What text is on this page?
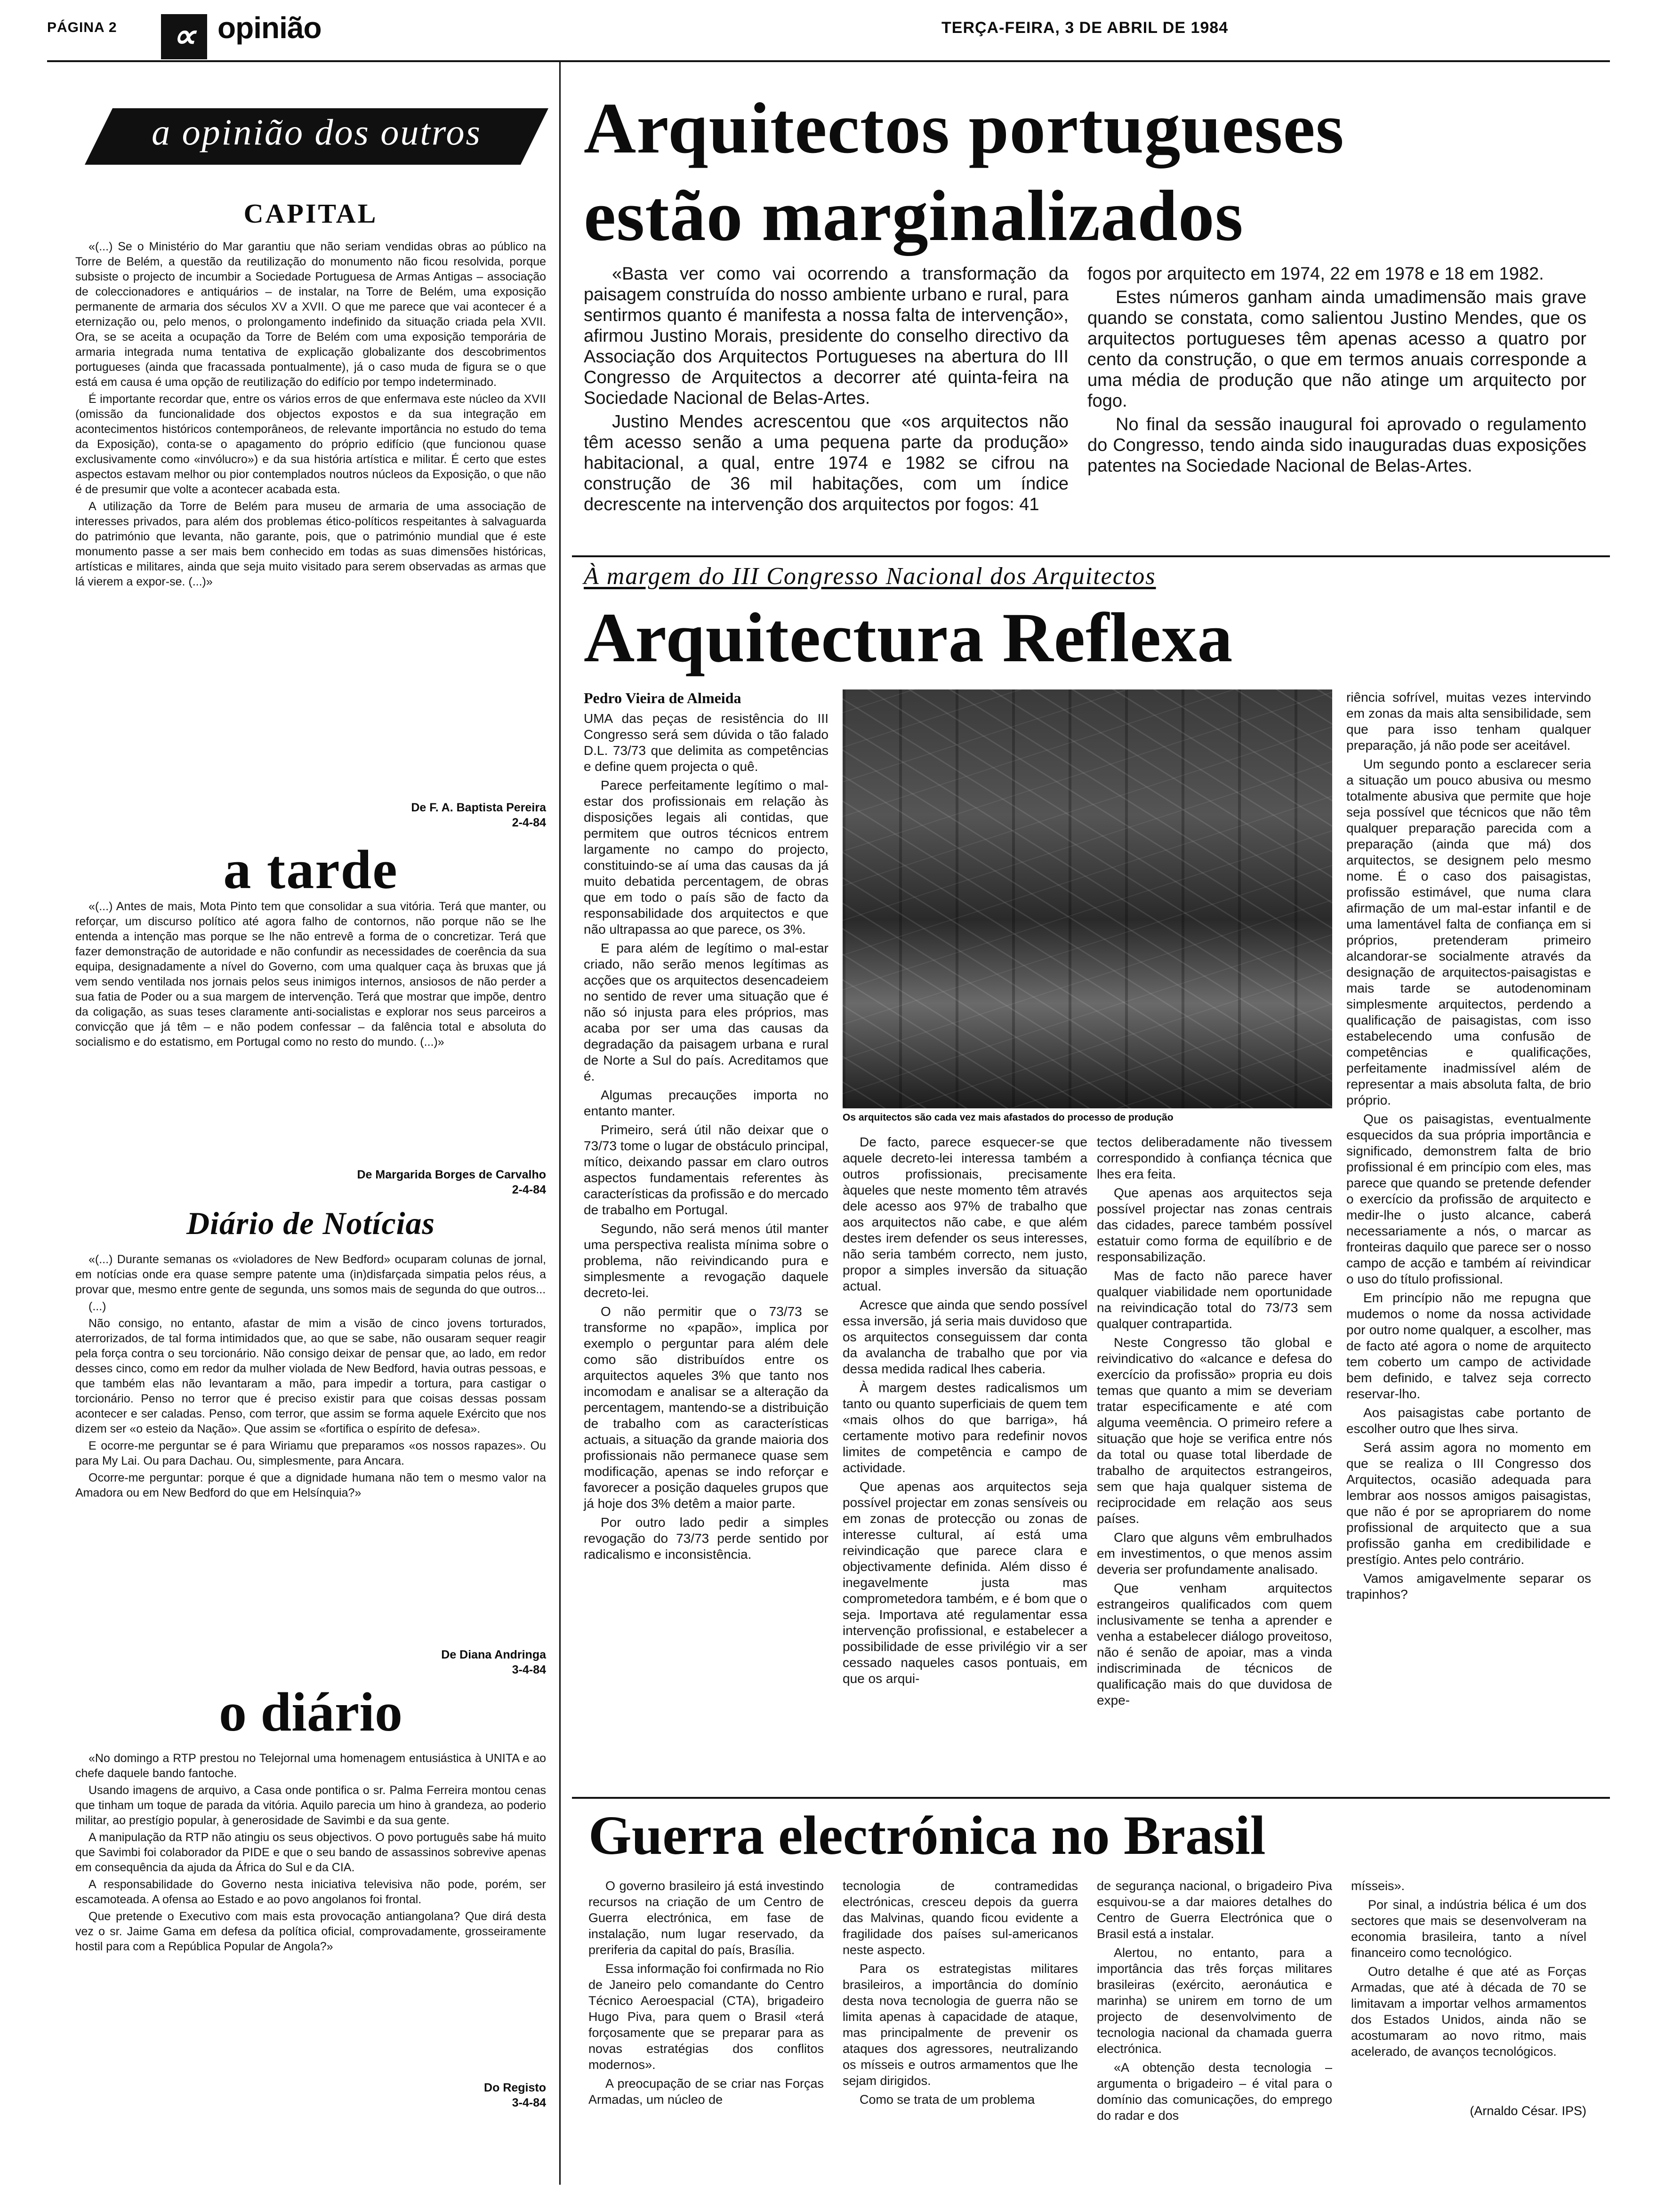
PÁGINA 2	∝ opinião	TERÇA-FEIRA, 3 DE ABRIL DE 1984
a opinião dos outros
CAPITAL

«(...) Se o Ministério do Mar garantiu que não seriam vendidas obras ao público na Torre de Belém, a questão da reutilização do monumento não ficou resolvida, porque subsiste o projecto de incumbir a Sociedade Portuguesa de Armas Antigas – associação de coleccionadores e antiquários – de instalar, na Torre de Belém, uma exposição permanente de armaria dos séculos XV a XVII. O que me parece que vai acontecer é a eternização ou, pelo menos, o prolongamento indefinido da situação criada pela XVII. Ora, se se aceita a ocupação da Torre de Belém com uma exposição temporária de armaria integrada numa tentativa de explicação globalizante dos descobrimentos portugueses (ainda que fracassada pontualmente), já o caso muda de figura se o que está em causa é uma opção de reutilização do edifício por tempo indeterminado.

É importante recordar que, entre os vários erros de que enfermava este núcleo da XVII (omissão da funcionalidade dos objectos expostos e da sua integração em acontecimentos históricos contemporâneos, de relevante importância no estudo do tema da Exposição), conta-se o apagamento do próprio edifício (que funcionou quase exclusivamente como «invólucro») e da sua história artística e militar. É certo que estes aspectos estavam melhor ou pior contemplados noutros núcleos da Exposição, o que não é de presumir que volte a acontecer acabada esta.

A utilização da Torre de Belém para museu de armaria de uma associação de interesses privados, para além dos problemas ético-políticos respeitantes à salvaguarda do património que levanta, não garante, pois, que o património mundial que é este monumento passe a ser mais bem conhecido em todas as suas dimensões históricas, artísticas e militares, ainda que seja muito visitado para serem observadas as armas que lá vierem a expor-se. (...)»

De F. A. Baptista Pereira
2-4-84
a tarde

«(...) Antes de mais, Mota Pinto tem que consolidar a sua vitória. Terá que manter, ou reforçar, um discurso político até agora falho de contornos, não porque não se lhe entenda a intenção mas porque se lhe não entrevê a forma de o concretizar. Terá que fazer demonstração de autoridade e não confundir as necessidades de coerência da sua equipa, designadamente a nível do Governo, com uma qualquer caça às bruxas que já vem sendo ventilada nos jornais pelos seus inimigos internos, ansiosos de não perder a sua fatia de Poder ou a sua margem de intervenção. Terá que mostrar que impõe, dentro da coligação, as suas teses claramente anti-socialistas e explorar nos seus parceiros a convicção que já têm – e não podem confessar – da falência total e absoluta do socialismo e do estatismo, em Portugal como no resto do mundo. (...)»

De Margarida Borges de Carvalho
2-4-84
Diário de Notícias

«(...) Durante semanas os «violadores de New Bedford» ocuparam colunas de jornal, em notícias onde era quase sempre patente uma (in)disfarçada simpatia pelos réus, a provar que, mesmo entre gente de segunda, uns somos mais de segunda do que outros...

(...)

Não consigo, no entanto, afastar de mim a visão de cinco jovens torturados, aterrorizados, de tal forma intimidados que, ao que se sabe, não ousaram sequer reagir pela força contra o seu torcionário. Não consigo deixar de pensar que, ao lado, em redor desses cinco, como em redor da mulher violada de New Bedford, havia outras pessoas, e que também elas não levantaram a mão, para impedir a tortura, para castigar o torcionário. Penso no terror que é preciso existir para que coisas dessas possam acontecer e ser caladas. Penso, com terror, que assim se forma aquele Exército que nos dizem ser «o esteio da Nação». Que assim se «fortifica o espírito de defesa».

E ocorre-me perguntar se é para Wiriamu que preparamos «os nossos rapazes». Ou para My Lai. Ou para Dachau. Ou, simplesmente, para Ancara.

Ocorre-me perguntar: porque é que a dignidade humana não tem o mesmo valor na Amadora ou em New Bedford do que em Helsínquia?»

De Diana Andringa
3-4-84
o diário

«No domingo a RTP prestou no Telejornal uma homenagem entusiástica à UNITA e ao chefe daquele bando fantoche.

Usando imagens de arquivo, a Casa onde pontifica o sr. Palma Ferreira montou cenas que tinham um toque de parada da vitória. Aquilo parecia um hino à grandeza, ao poderio militar, ao prestígio popular, à generosidade de Savimbi e da sua gente.

A manipulação da RTP não atingiu os seus objectivos. O povo português sabe há muito que Savimbi foi colaborador da PIDE e que o seu bando de assassinos sobrevive apenas em consequência da ajuda da África do Sul e da CIA.

A responsabilidade do Governo nesta iniciativa televisiva não pode, porém, ser escamoteada. A ofensa ao Estado e ao povo angolanos foi frontal.

Que pretende o Executivo com mais esta provocação antiangolana? Que dirá desta vez o sr. Jaime Gama em defesa da política oficial, comprovadamente, grosseiramente hostil para com a República Popular de Angola?»

Do Registo
3-4-84
Arquitectos portugueses
estão marginalizados

«Basta ver como vai ocorrendo a transformação da paisagem construída do nosso ambiente urbano e rural, para sentirmos quanto é manifesta a nossa falta de intervenção», afirmou Justino Morais, presidente do conselho directivo da Associação dos Arquitectos Portugueses na abertura do III Congresso de Arquitectos a decorrer até quinta-feira na Sociedade Nacional de Belas-Artes.

Justino Mendes acrescentou que «os arquitectos não têm acesso senão a uma pequena parte da produção» habitacional, a qual, entre 1974 e 1982 se cifrou na construção de 36 mil habitações, com um índice decrescente na intervenção dos arquitectos por fogos: 41

fogos por arquitecto em 1974, 22 em 1978 e 18 em 1982.

Estes números ganham ainda umadimensão mais grave quando se constata, como salientou Justino Mendes, que os arquitectos portugueses têm apenas acesso a quatro por cento da construção, o que em termos anuais corresponde a uma média de produção que não atinge um arquitecto por fogo.

No final da sessão inaugural foi aprovado o regulamento do Congresso, tendo ainda sido inauguradas duas exposições patentes na Sociedade Nacional de Belas-Artes.

À margem do III Congresso Nacional dos Arquitectos
Arquitectura Reflexa
Pedro Vieira de Almeida
Os arquitectos são cada vez mais afastados do processo de produção

UMA das peças de resistência do III Congresso será sem dúvida o tão falado D.L. 73/73 que delimita as competências e define quem projecta o quê.

Parece perfeitamente legítimo o mal-estar dos profissionais em relação às disposições legais ali contidas, que permitem que outros técnicos entrem largamente no campo do projecto, constituindo-se aí uma das causas da já muito debatida percentagem, de obras que em todo o país são de facto da responsabilidade dos arquitectos e que não ultrapassa ao que parece, os 3%.

E para além de legítimo o mal-estar criado, não serão menos legítimas as acções que os arquitectos desencadeiem no sentido de rever uma situação que é não só injusta para eles próprios, mas acaba por ser uma das causas da degradação da paisagem urbana e rural de Norte a Sul do país. Acreditamos que é.

Algumas precauções importa no entanto manter.

Primeiro, será útil não deixar que o 73/73 tome o lugar de obstáculo principal, mítico, deixando passar em claro outros aspectos fundamentais referentes às características da profissão e do mercado de trabalho em Portugal.

Segundo, não será menos útil manter uma perspectiva realista mínima sobre o problema, não reivindicando pura e simplesmente a revogação daquele decreto-lei.

O não permitir que o 73/73 se transforme no «papão», implica por exemplo o perguntar para além dele como são distribuídos entre os arquitectos aqueles 3% que tanto nos incomodam e analisar se a alteração da percentagem, mantendo-se a distribuição de trabalho com as características actuais, a situação da grande maioria dos profissionais não permanece quase sem modificação, apenas se indo reforçar e favorecer a posição daqueles grupos que já hoje dos 3% detêm a maior parte.

Por outro lado pedir a simples revogação do 73/73 perde sentido por radicalismo e inconsistência.

De facto, parece esquecer-se que aquele decreto-lei interessa também a outros profissionais, precisamente àqueles que neste momento têm através dele acesso aos 97% de trabalho que aos arquitectos não cabe, e que além destes irem defender os seus interesses, não seria também correcto, nem justo, propor a simples inversão da situação actual.

Acresce que ainda que sendo possível essa inversão, já seria mais duvidoso que os arquitectos conseguissem dar conta da avalancha de trabalho que por via dessa medida radical lhes caberia.

À margem destes radicalismos um tanto ou quanto superficiais de quem tem «mais olhos do que barriga», há certamente motivo para redefinir novos limites de competência e campo de actividade.

Que apenas aos arquitectos seja possível projectar em zonas sensíveis ou em zonas de protecção ou zonas de interesse cultural, aí está uma reivindicação que parece clara e objectivamente definida. Além disso é inegavelmente justa mas comprometedora também, e é bom que o seja. Importava até regulamentar essa intervenção profissional, e estabelecer a possibilidade de esse privilégio vir a ser cessado naqueles casos pontuais, em que os arqui-

tectos deliberadamente não tivessem correspondido à confiança técnica que lhes era feita.

Que apenas aos arquitectos seja possível projectar nas zonas centrais das cidades, parece também possível estatuir como forma de equilíbrio e de responsabilização.

Mas de facto não parece haver qualquer viabilidade nem oportunidade na reivindicação total do 73/73 sem qualquer contrapartida.

Neste Congresso tão global e reivindicativo do «alcance e defesa do exercício da profissão» propria eu dois temas que quanto a mim se deveriam tratar especificamente e até com alguma veemência. O primeiro refere a situação que hoje se verifica entre nós da total ou quase total liberdade de trabalho de arquitectos estrangeiros, sem que haja qualquer sistema de reciprocidade em relação aos seus países.

Claro que alguns vêm embrulhados em investimentos, o que menos assim deveria ser profundamente analisado.

Que venham arquitectos estrangeiros qualificados com quem inclusivamente se tenha a aprender e venha a estabelecer diálogo proveitoso, não é senão de apoiar, mas a vinda indiscriminada de técnicos de qualificação mais do que duvidosa de expe-

riência sofrível, muitas vezes intervindo em zonas da mais alta sensibilidade, sem que para isso tenham qualquer preparação, já não pode ser aceitável.

Um segundo ponto a esclarecer seria a situação um pouco abusiva ou mesmo totalmente abusiva que permite que hoje seja possível que técnicos que não têm qualquer preparação parecida com a preparação (ainda que má) dos arquitectos, se designem pelo mesmo nome. É o caso dos paisagistas, profissão estimável, que numa clara afirmação de um mal-estar infantil e de uma lamentável falta de confiança em si próprios, pretenderam primeiro alcandorar-se socialmente através da designação de arquitectos-paisagistas e mais tarde se autodenominam simplesmente arquitectos, perdendo a qualificação de paisagistas, com isso estabelecendo uma confusão de competências e qualificações, perfeitamente inadmissível além de representar a mais absoluta falta, de brio próprio.

Que os paisagistas, eventualmente esquecidos da sua própria importância e significado, demonstrem falta de brio profissional é em princípio com eles, mas parece que quando se pretende defender o exercício da profissão de arquitecto e medir-lhe o justo alcance, caberá necessariamente a nós, o marcar as fronteiras daquilo que parece ser o nosso campo de acção e também aí reivindicar o uso do título profissional.

Em princípio não me repugna que mudemos o nome da nossa actividade por outro nome qualquer, a escolher, mas de facto até agora o nome de arquitecto tem coberto um campo de actividade bem definido, e talvez seja correcto reservar-lho.

Aos paisagistas cabe portanto de escolher outro que lhes sirva.

Será assim agora no momento em que se realiza o III Congresso dos Arquitectos, ocasião adequada para lembrar aos nossos amigos paisagistas, que não é por se apropriarem do nome profissional de arquitecto que a sua profissão ganha em credibilidade e prestígio. Antes pelo contrário.

Vamos amigavelmente separar os trapinhos?

Guerra electrónica no Brasil

O governo brasileiro já está investindo recursos na criação de um Centro de Guerra electrónica, em fase de instalação, num lugar reservado, da preriferia da capital do país, Brasília.

Essa informação foi confirmada no Rio de Janeiro pelo comandante do Centro Técnico Aeroespacial (CTA), brigadeiro Hugo Piva, para quem o Brasil «terá forçosamente que se preparar para as novas estratégias dos conflitos modernos».

A preocupação de se criar nas Forças Armadas, um núcleo de

tecnologia de contramedidas electrónicas, cresceu depois da guerra das Malvinas, quando ficou evidente a fragilidade dos países sul-americanos neste aspecto.

Para os estrategistas militares brasileiros, a importância do domínio desta nova tecnologia de guerra não se limita apenas à capacidade de ataque, mas principalmente de prevenir os ataques dos agressores, neutralizando os mísseis e outros armamentos que lhe sejam dirigidos.

Como se trata de um problema

de segurança nacional, o brigadeiro Piva esquivou-se a dar maiores detalhes do Centro de Guerra Electrónica que o Brasil está a instalar.

Alertou, no entanto, para a importância das três forças militares brasileiras (exército, aeronáutica e marinha) se unirem em torno de um projecto de desenvolvimento de tecnologia nacional da chamada guerra electrónica.

«A obtenção desta tecnologia – argumenta o brigadeiro – é vital para o domínio das comunicações, do emprego do radar e dos

mísseis».

Por sinal, a indústria bélica é um dos sectores que mais se desenvolveram na economia brasileira, tanto a nível financeiro como tecnológico.

Outro detalhe é que até as Forças Armadas, que até à década de 70 se limitavam a importar velhos armamentos dos Estados Unidos, ainda não se acostumaram ao novo ritmo, mais acelerado, de avanços tecnológicos.

(Arnaldo César. IPS)
